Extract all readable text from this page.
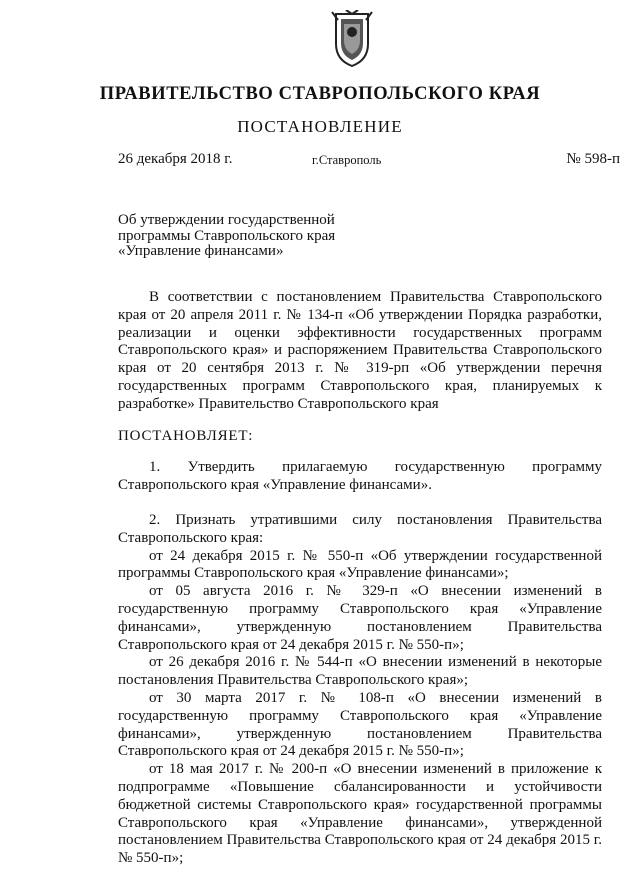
ПРАВИТЕЛЬСТВО СТАВРОПОЛЬСКОГО КРАЯ
ПОСТАНОВЛЕНИЕ
26 декабря 2018 г.	г.Ставрополь	№ 598-п
Об утверждении государственной
программы Ставропольского края
«Управление финансами»
В соответствии с постановлением Правительства Ставропольского края от 20 апреля 2011 г. № 134-п «Об утверждении Порядка разработки, реализации и оценки эффективности государственных программ Ставропольского края» и распоряжением Правительства Ставропольского края от 20 сентября 2013 г. № 319-рп «Об утверждении перечня государственных программ Ставропольского края, планируемых к разработке» Правительство Ставропольского края
ПОСТАНОВЛЯЕТ:
1. Утвердить прилагаемую государственную программу Ставропольского края «Управление финансами».

2. Признать утратившими силу постановления Правительства Ставропольского края:

от 24 декабря 2015 г. № 550-п «Об утверждении государственной программы Ставропольского края «Управление финансами»;

от 05 августа 2016 г. № 329-п «О внесении изменений в государственную программу Ставропольского края «Управление финансами», утвержденную постановлением Правительства Ставропольского края от 24 декабря 2015 г. № 550-п»;

от 26 декабря 2016 г. № 544-п «О внесении изменений в некоторые постановления Правительства Ставропольского края»;

от 30 марта 2017 г. № 108-п «О внесении изменений в государственную программу Ставропольского края «Управление финансами», утвержденную постановлением Правительства Ставропольского края от 24 декабря 2015 г. № 550-п»;

от 18 мая 2017 г. № 200-п «О внесении изменений в приложение к подпрограмме «Повышение сбалансированности и устойчивости бюджетной системы Ставропольского края» государственной программы Ставропольского края «Управление финансами», утвержденной постановлением Правительства Ставропольского края от 24 декабря 2015 г. № 550-п»;
